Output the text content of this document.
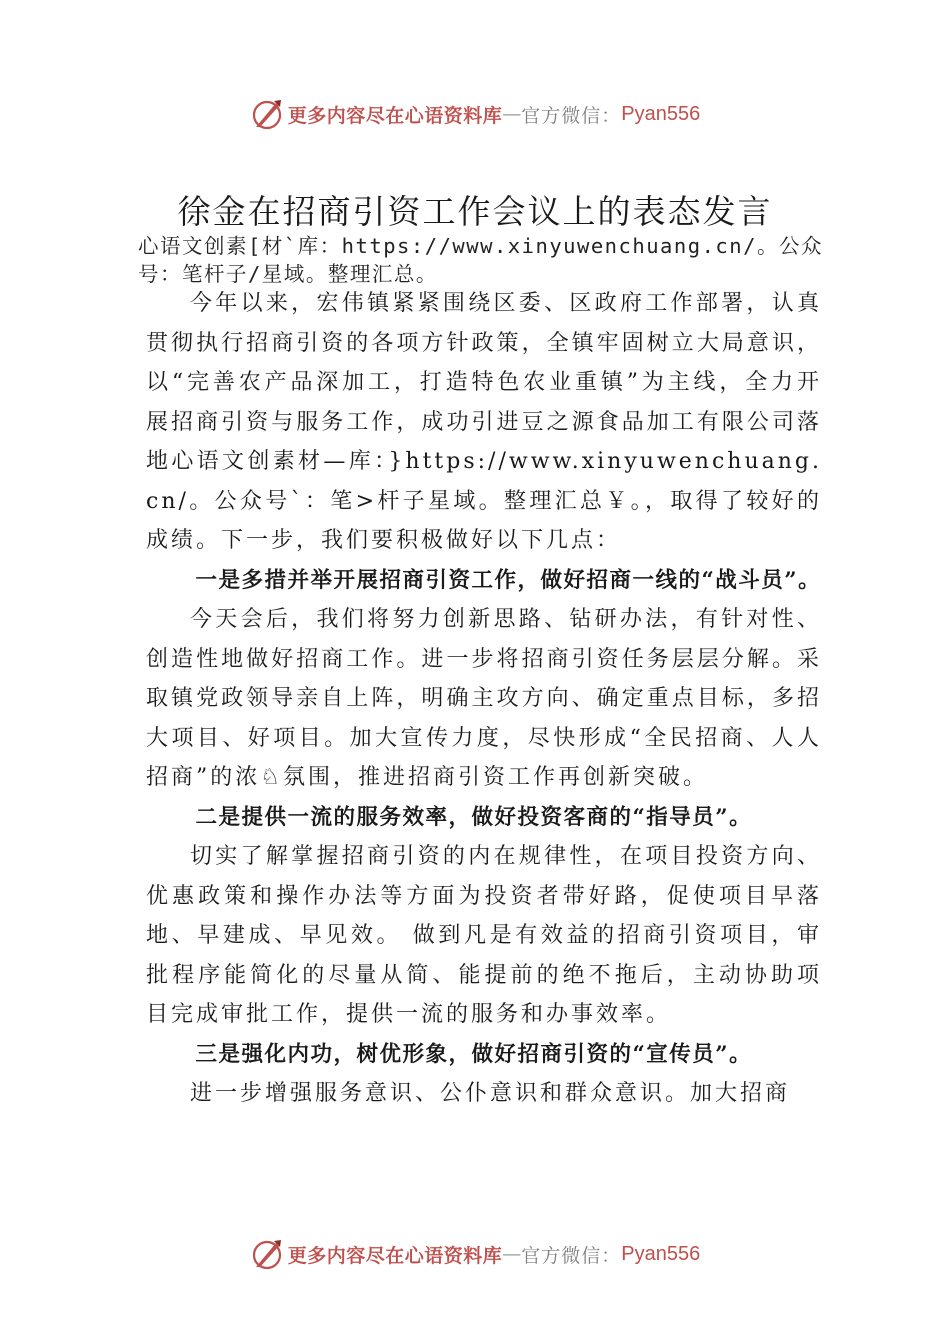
更多内容尽在心语资料库 — 官方微信： Pyan556
徐金在招商引资工作会议上的表态发言
心语文创素[材`库：https://www.xinyuwenchuang.cn/。公众号：笔杆子/星域。整理汇总。

今年以来，宏伟镇紧紧围绕区委、区政府工作部署，认真贯彻执行招商引资的各项方针政策，全镇牢固树立大局意识，以“完善农产品深加工，打造特色农业重镇”为主线，全力开展招商引资与服务工作，成功引进豆之源食品加工有限公司落地心语文创素材—库：}https://www.xinyuwenchuang.cn/。公众号`：笔>杆子星域。整理汇总￥。，取得了较好的成绩。下一步，我们要积极做好以下几点：

一是多措并举开展招商引资工作，做好招商一线的“战斗员”。

今天会后，我们将努力创新思路、钻研办法，有针对性、创造性地做好招商工作。进一步将招商引资任务层层分解。采取镇党政领导亲自上阵，明确主攻方向、确定重点目标，多招大项目、好项目。加大宣传力度，尽快形成“全民招商、人人招商”的浓♘氛围，推进招商引资工作再创新突破。

二是提供一流的服务效率，做好投资客商的“指导员”。

切实了解掌握招商引资的内在规律性，在项目投资方向、优惠政策和操作办法等方面为投资者带好路，促使项目早落地、早建成、早见效。 做到凡是有效益的招商引资项目，审批程序能简化的尽量从简、能提前的绝不拖后，主动协助项 目完成审批工作，提供一流的服务和办事效率。

三是强化内功，树优形象，做好招商引资的“宣传员”。

进一步增强服务意识、公仆意识和群众意识。加大招商

更多内容尽在心语资料库 — 官方微信： Pyan556
